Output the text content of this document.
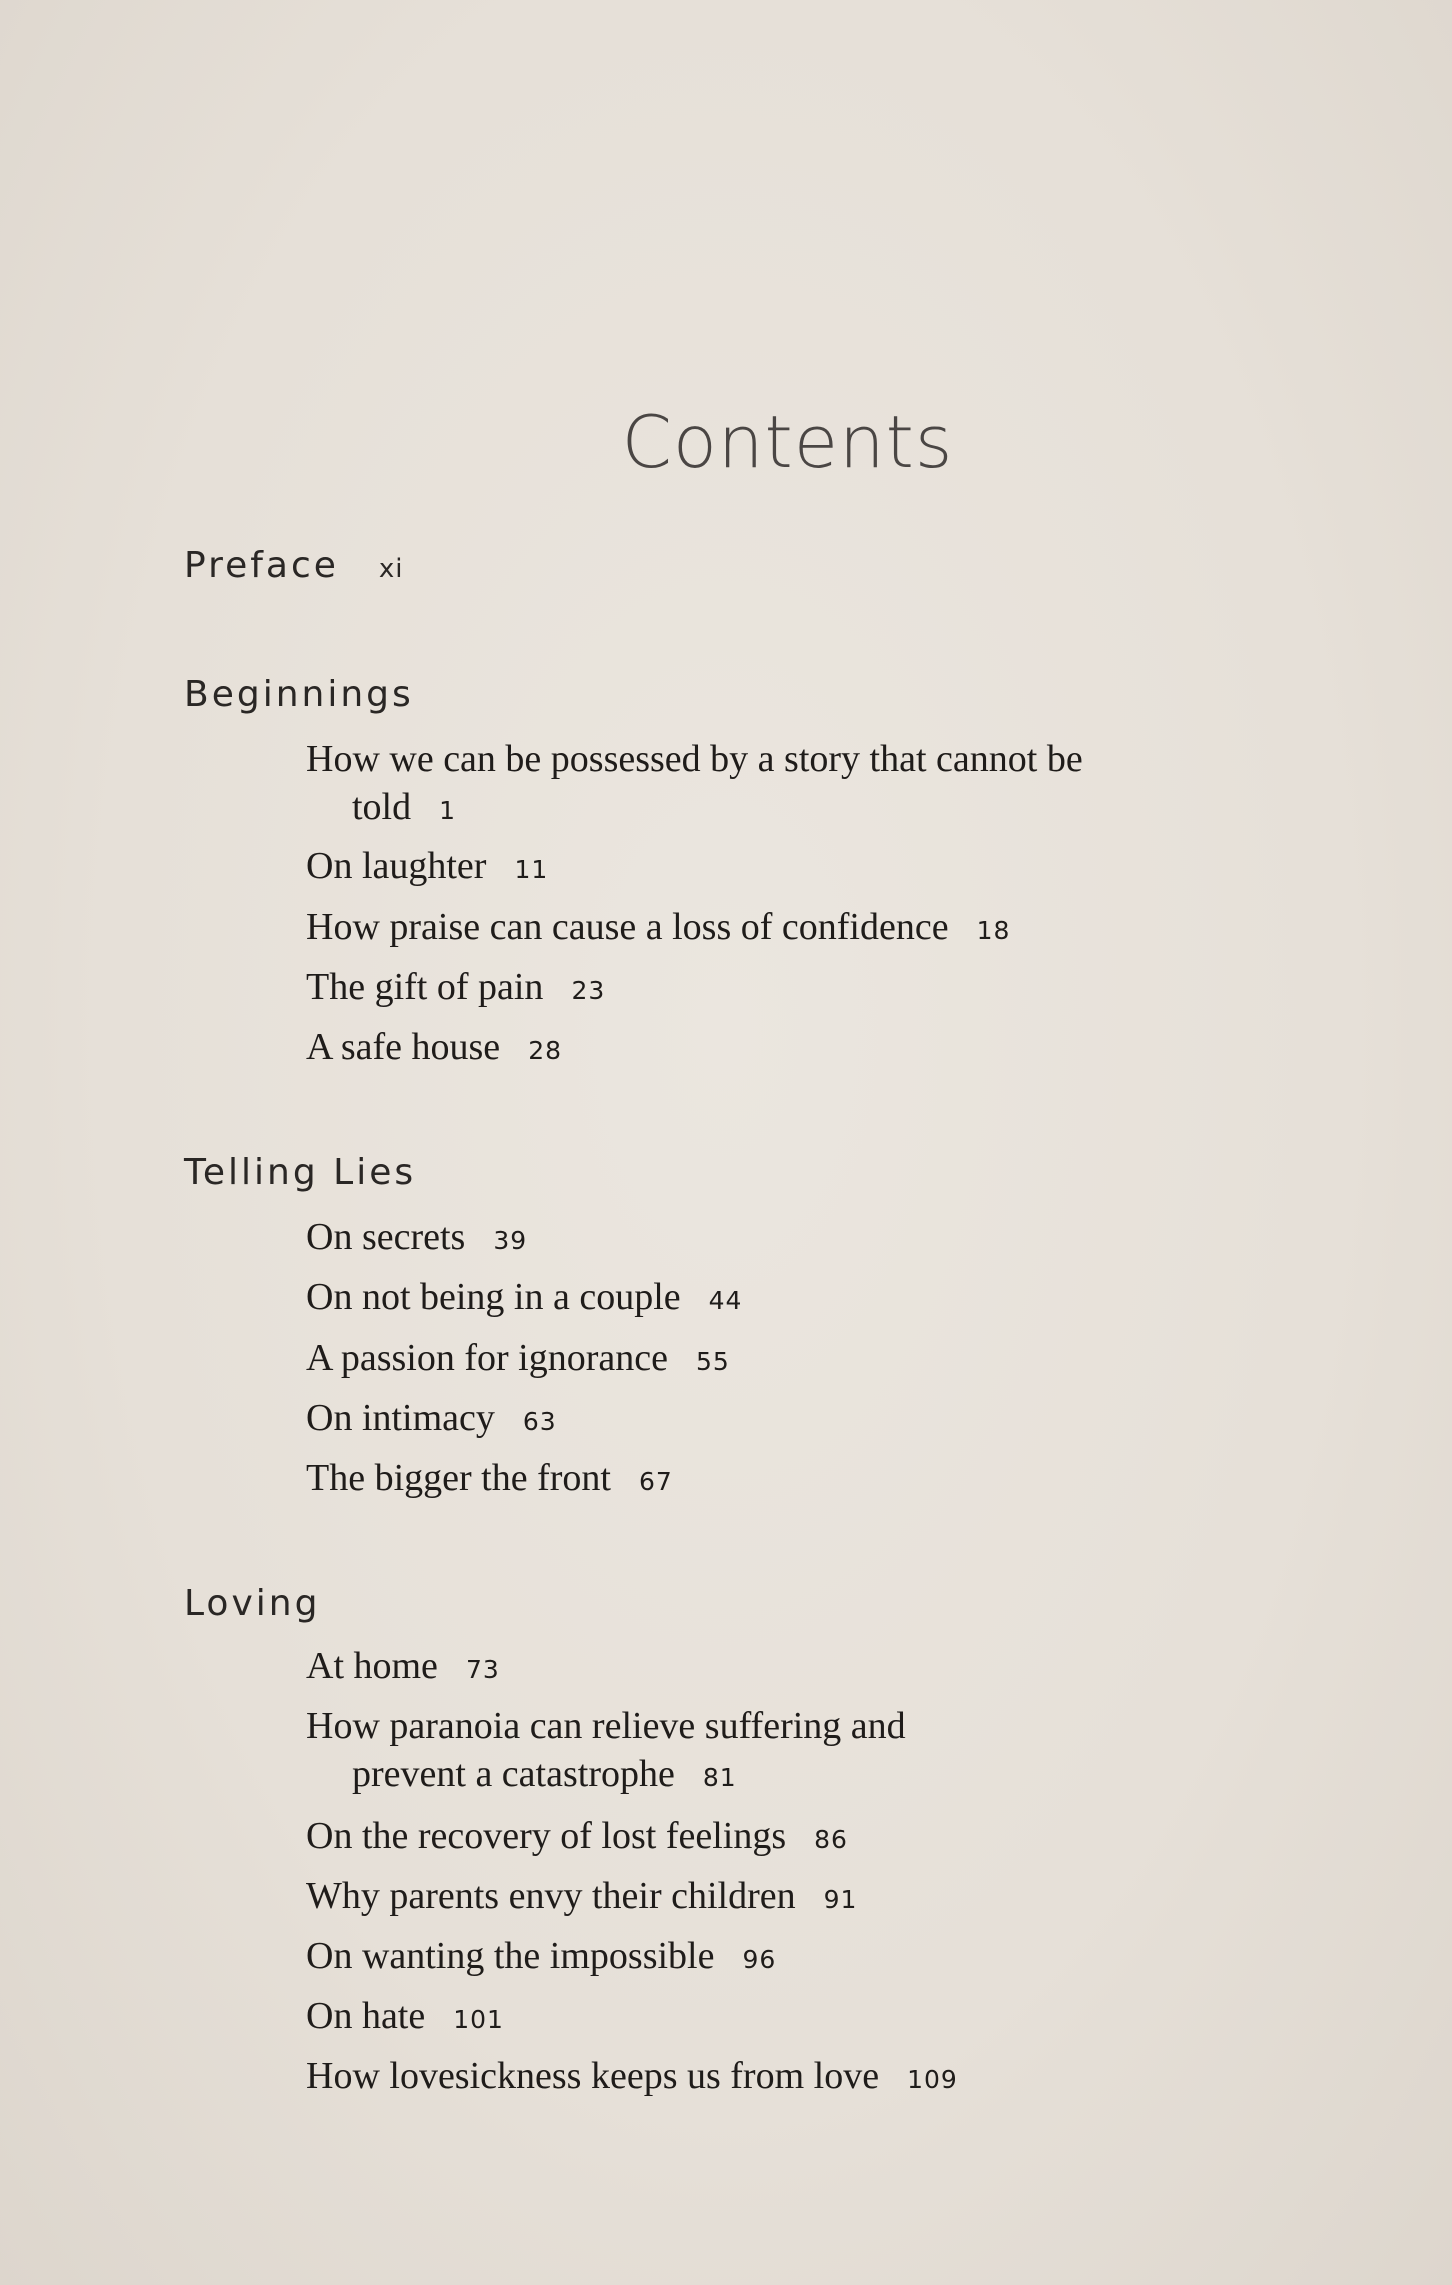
Contents
Preface xi
Beginnings
How we can be possessed by a story that cannot be
told 1
On laughter 11
How praise can cause a loss of confidence 18
The gift of pain 23
A safe house 28
Telling Lies
On secrets 39
On not being in a couple 44
A passion for ignorance 55
On intimacy 63
The bigger the front 67
Loving
At home 73
How paranoia can relieve suffering and
prevent a catastrophe 81
On the recovery of lost feelings 86
Why parents envy their children 91
On wanting the impossible 96
On hate 101
How lovesickness keeps us from love 109
